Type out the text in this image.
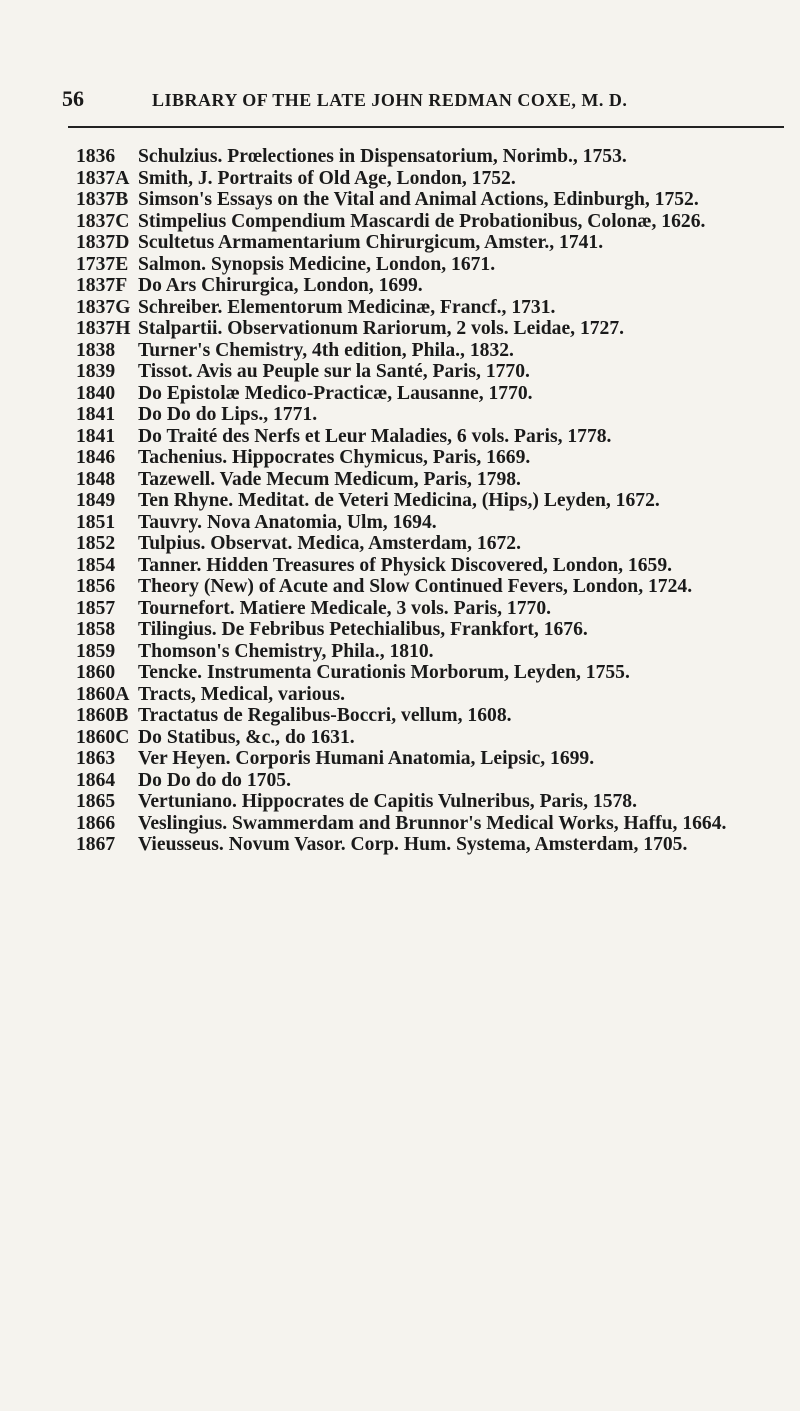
56	LIBRARY OF THE LATE JOHN REDMAN COXE, M. D.
1836	Schulzius. Prœlectiones in Dispensatorium, Norimb., 1753.
1837A Smith, J. Portraits of Old Age, London, 1752.
1837B Simson's Essays on the Vital and Animal Actions, Edinburgh, 1752.
1837C Stimpelius Compendium Mascardi de Probationibus, Colonæ, 1626.
1837D Scultetus Armamentarium Chirurgicum, Amster., 1741.
1737E Salmon. Synopsis Medicine, London, 1671.
1837F Do Ars Chirurgica, London, 1699.
1837G Schreiber. Elementorum Medicinæ, Francf., 1731.
1837H Stalpartii. Observationum Rariorum, 2 vols. Leidae, 1727.
1838	Turner's Chemistry, 4th edition, Phila., 1832.
1839	Tissot. Avis au Peuple sur la Santé, Paris, 1770.
1840	Do Epistolæ Medico-Practicæ, Lausanne, 1770.
1841	Do Do do Lips., 1771.
1841	Do Traité des Nerfs et Leur Maladies, 6 vols. Paris, 1778.
1846	Tachenius. Hippocrates Chymicus, Paris, 1669.
1848	Tazewell. Vade Mecum Medicum, Paris, 1798.
1849	Ten Rhyne. Meditat. de Veteri Medicina, (Hips,) Leyden, 1672.
1851	Tauvry. Nova Anatomia, Ulm, 1694.
1852	Tulpius. Observat. Medica, Amsterdam, 1672.
1854	Tanner. Hidden Treasures of Physick Discovered, London, 1659.
1856	Theory (New) of Acute and Slow Continued Fevers, London, 1724.
1857	Tournefort. Matiere Medicale, 3 vols. Paris, 1770.
1858	Tilingius. De Febribus Petechialibus, Frankfort, 1676.
1859	Thomson's Chemistry, Phila., 1810.
1860	Tencke. Instrumenta Curationis Morborum, Leyden, 1755.
1860A Tracts, Medical, various.
1860B Tractatus de Regalibus-Boccri, vellum, 1608.
1860C Do Statibus, &c., do 1631.
1863	Ver Heyen. Corporis Humani Anatomia, Leipsic, 1699.
1864	Do Do do do 1705.
1865	Vertuniano. Hippocrates de Capitis Vulneribus, Paris, 1578.
1866	Veslingius. Swammerdam and Brunnor's Medical Works, Haffu, 1664.
1867	Vieusseus. Novum Vasor. Corp. Hum. Systema, Amsterdam, 1705.
